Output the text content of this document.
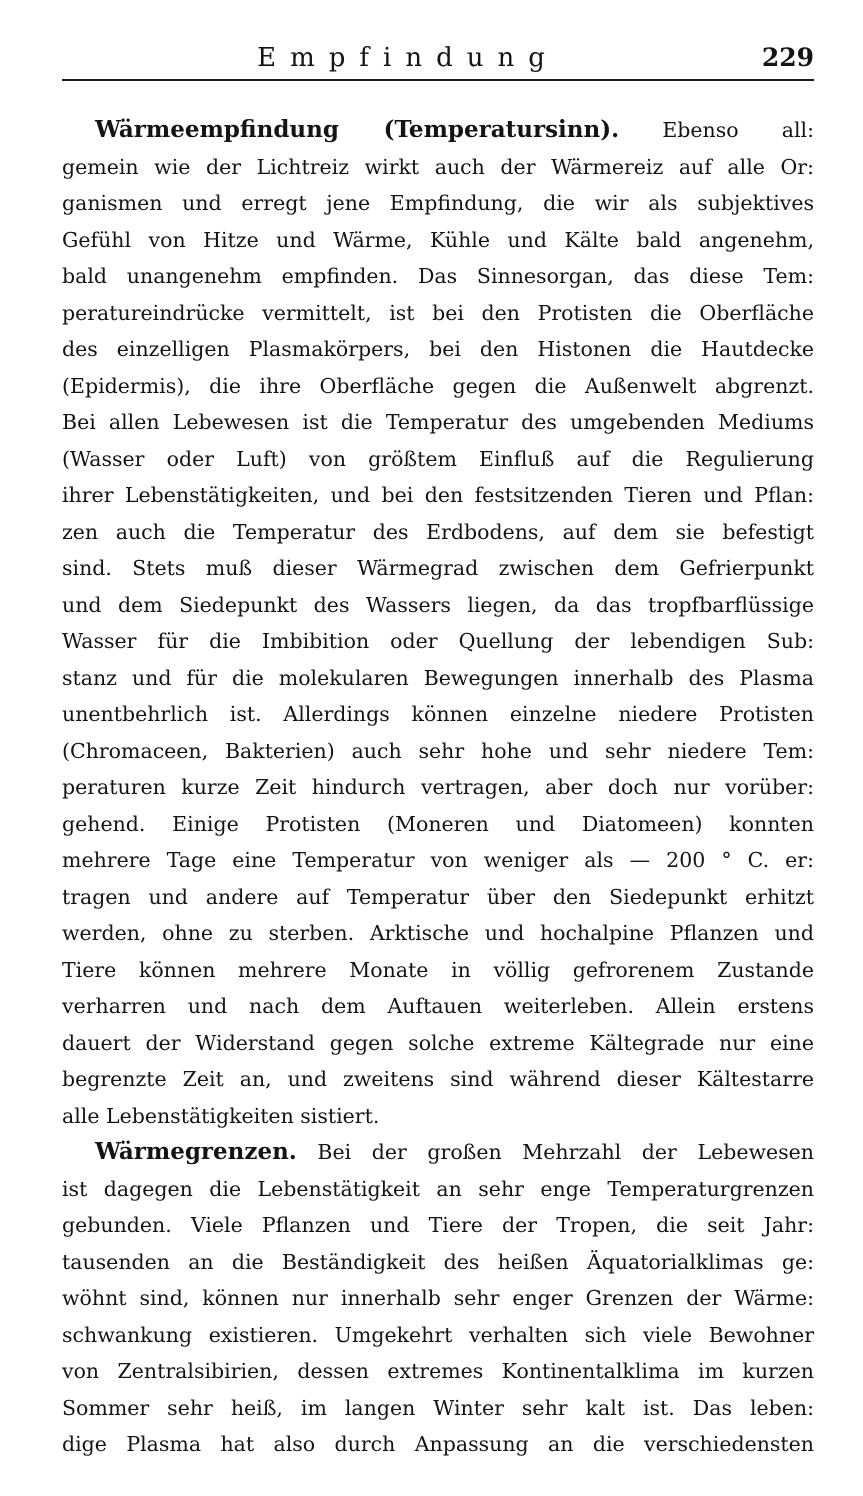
Empfindung	229
Wärmeempfindung (Temperatursinn). Ebenso all:
gemein wie der Lichtreiz wirkt auch der Wärmereiz auf alle Or:
ganismen und erregt jene Empfindung, die wir als subjektives
Gefühl von Hitze und Wärme, Kühle und Kälte bald angenehm,
bald unangenehm empfinden. Das Sinnesorgan, das diese Tem:
peratureindrücke vermittelt, ist bei den Protisten die Oberfläche
des einzelligen Plasmakörpers, bei den Histonen die Hautdecke
(Epidermis), die ihre Oberfläche gegen die Außenwelt abgrenzt.
Bei allen Lebewesen ist die Temperatur des umgebenden Mediums
(Wasser oder Luft) von größtem Einfluß auf die Regulierung
ihrer Lebenstätigkeiten, und bei den festsitzenden Tieren und Pflan:
zen auch die Temperatur des Erdbodens, auf dem sie befestigt
sind. Stets muß dieser Wärmegrad zwischen dem Gefrierpunkt
und dem Siedepunkt des Wassers liegen, da das tropfbarflüssige
Wasser für die Imbibition oder Quellung der lebendigen Sub:
stanz und für die molekularen Bewegungen innerhalb des Plasma
unentbehrlich ist. Allerdings können einzelne niedere Protisten
(Chromaceen, Bakterien) auch sehr hohe und sehr niedere Tem:
peraturen kurze Zeit hindurch vertragen, aber doch nur vorüber:
gehend. Einige Protisten (Moneren und Diatomeen) konnten
mehrere Tage eine Temperatur von weniger als — 200 ° C. er:
tragen und andere auf Temperatur über den Siedepunkt erhitzt
werden, ohne zu sterben. Arktische und hochalpine Pflanzen und
Tiere können mehrere Monate in völlig gefrorenem Zustande
verharren und nach dem Auftauen weiterleben. Allein erstens
dauert der Widerstand gegen solche extreme Kältegrade nur eine
begrenzte Zeit an, und zweitens sind während dieser Kältestarre
alle Lebenstätigkeiten sistiert.
Wärmegrenzen. Bei der großen Mehrzahl der Lebewesen
ist dagegen die Lebenstätigkeit an sehr enge Temperaturgrenzen
gebunden. Viele Pflanzen und Tiere der Tropen, die seit Jahr:
tausenden an die Beständigkeit des heißen Äquatorialklimas ge:
wöhnt sind, können nur innerhalb sehr enger Grenzen der Wärme:
schwankung existieren. Umgekehrt verhalten sich viele Bewohner
von Zentralsibirien, dessen extremes Kontinentalklima im kurzen
Sommer sehr heiß, im langen Winter sehr kalt ist. Das leben:
dige Plasma hat also durch Anpassung an die verschiedensten
